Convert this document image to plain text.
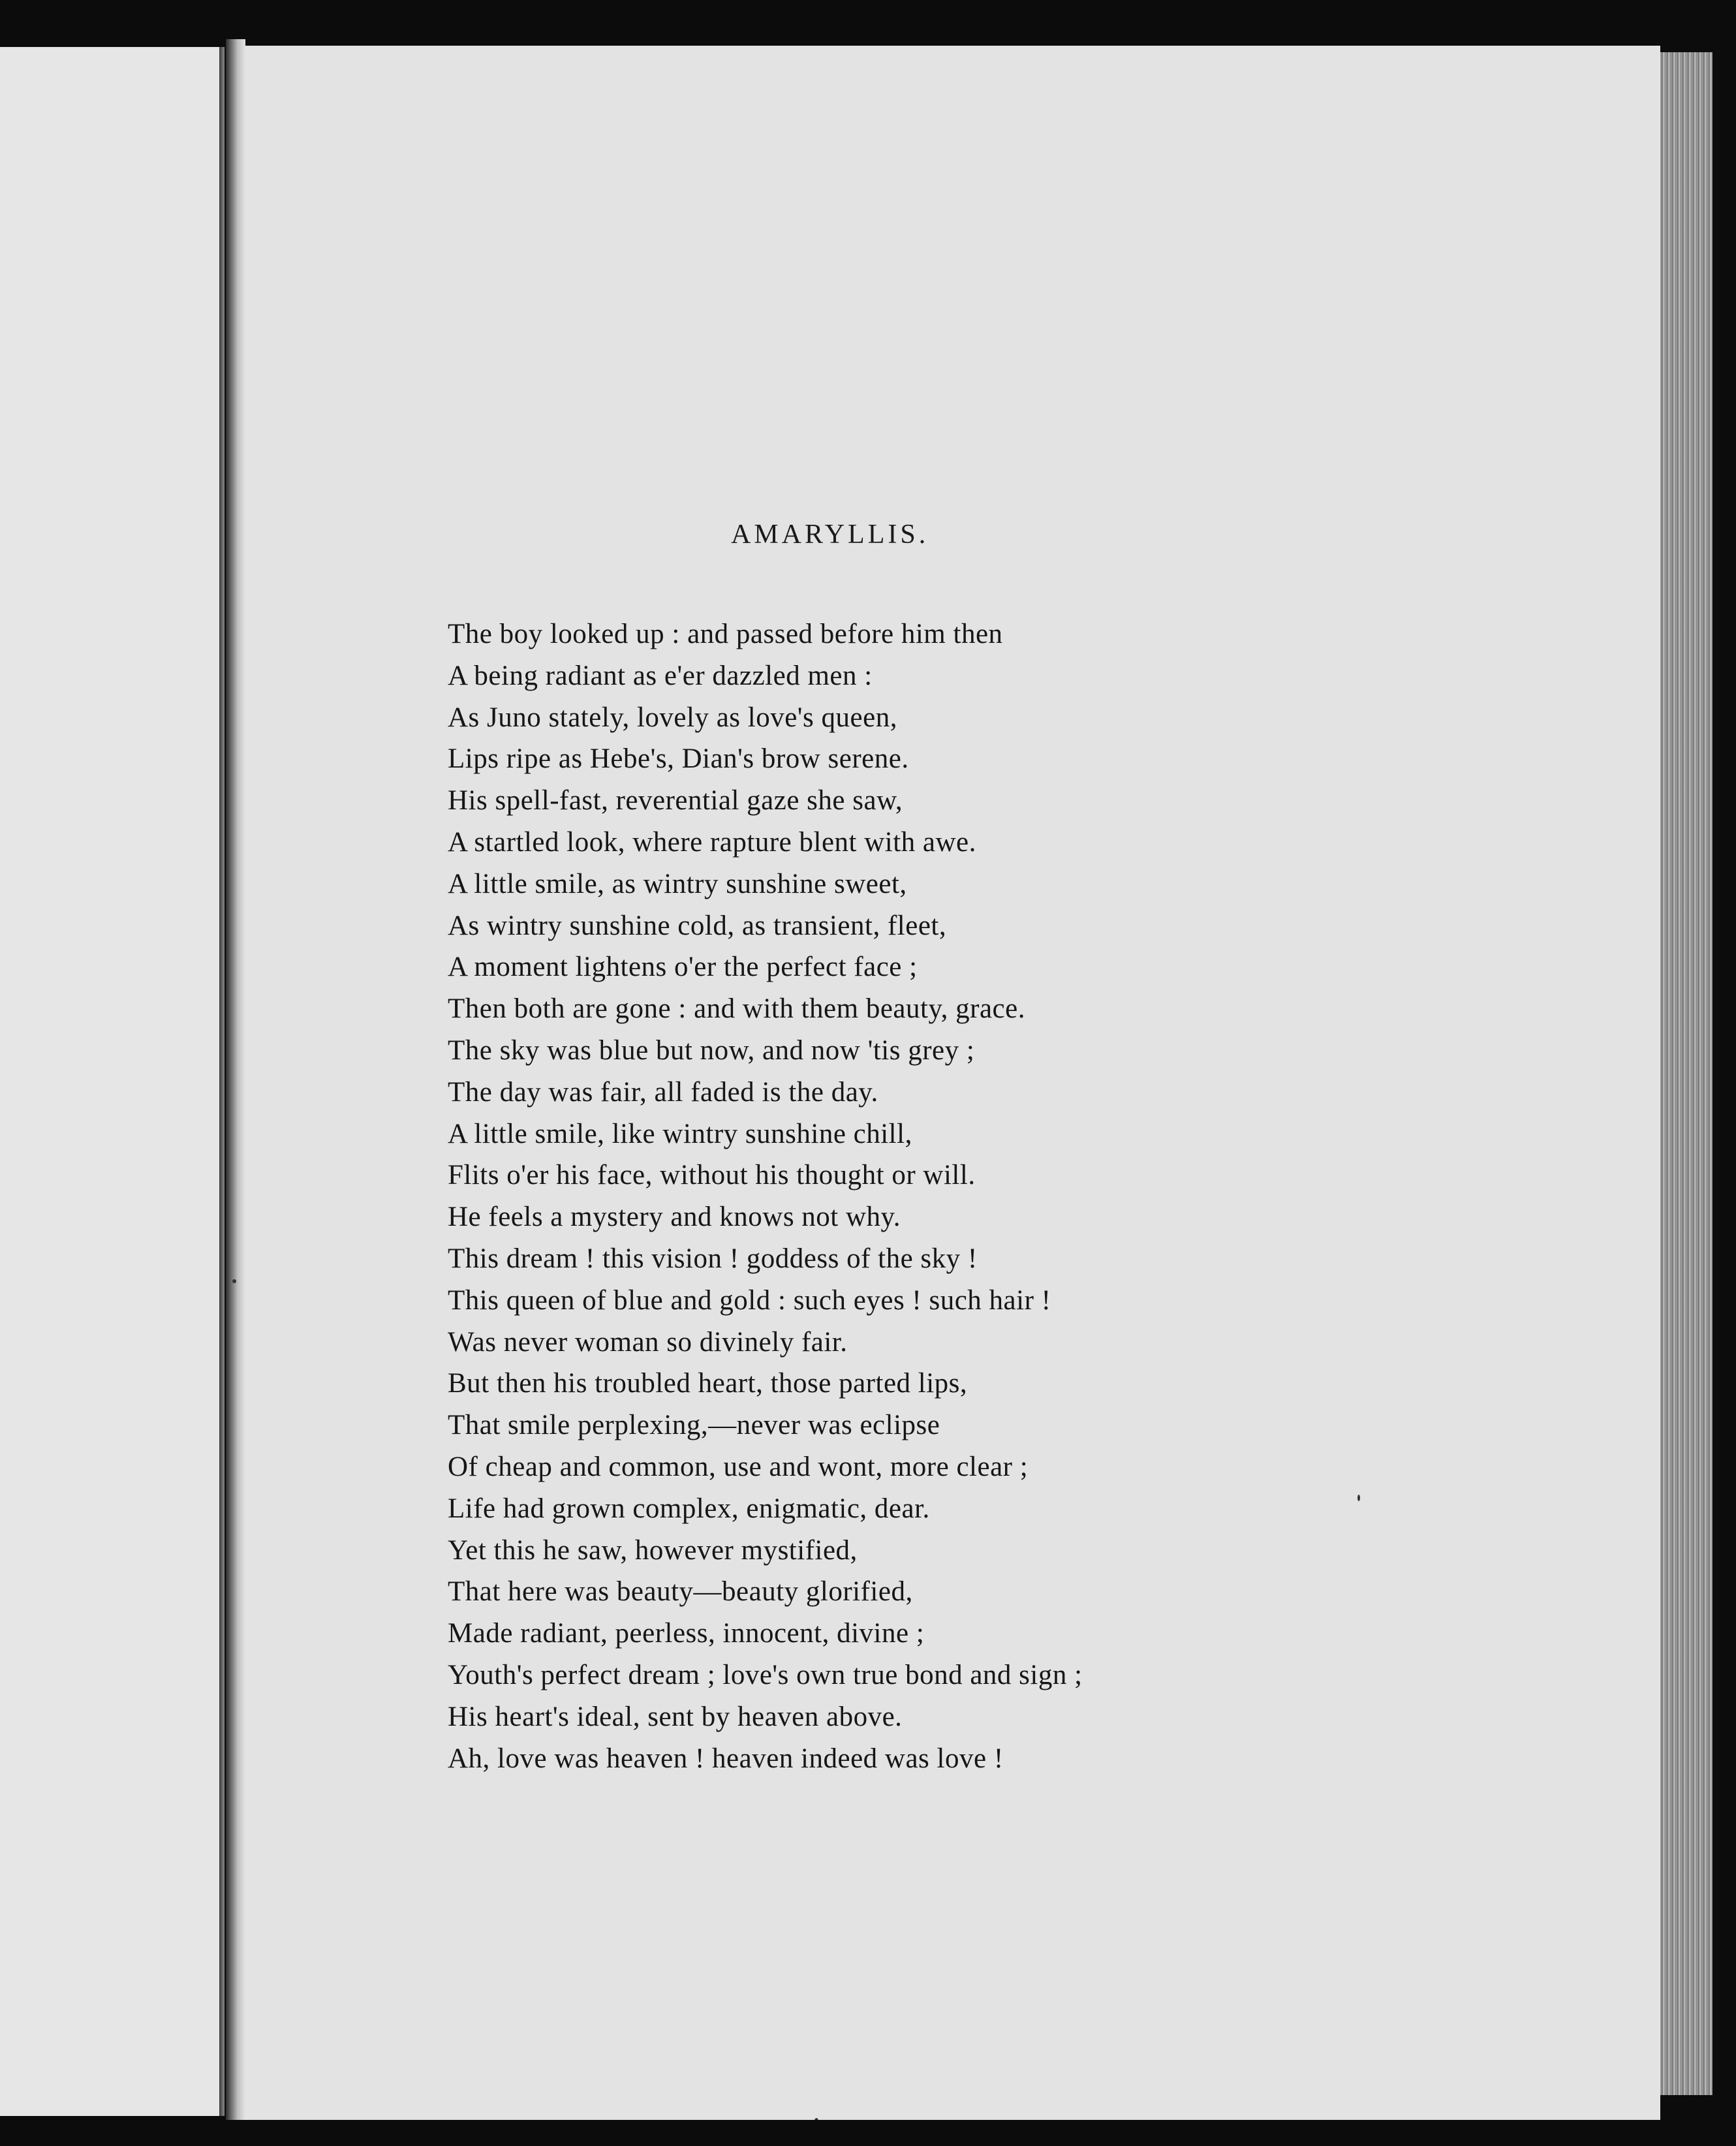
AMARYLLIS.
The boy looked up : and passed before him then
A being radiant as e'er dazzled men :
As Juno stately, lovely as love's queen,
Lips ripe as Hebe's, Dian's brow serene.
His spell-fast, reverential gaze she saw,
A startled look, where rapture blent with awe.
A little smile, as wintry sunshine sweet,
As wintry sunshine cold, as transient, fleet,
A moment lightens o'er the perfect face ;
Then both are gone : and with them beauty, grace.
The sky was blue but now, and now 'tis grey ;
The day was fair, all faded is the day.
A little smile, like wintry sunshine chill,
Flits o'er his face, without his thought or will.
He feels a mystery and knows not why.
This dream ! this vision ! goddess of the sky !
This queen of blue and gold : such eyes ! such hair !
Was never woman so divinely fair.
But then his troubled heart, those parted lips,
That smile perplexing,—never was eclipse
Of cheap and common, use and wont, more clear ;
Life had grown complex, enigmatic, dear.
Yet this he saw, however mystified,
That here was beauty—beauty glorified,
Made radiant, peerless, innocent, divine ;
Youth's perfect dream ; love's own true bond and sign ;
His heart's ideal, sent by heaven above.
Ah, love was heaven ! heaven indeed was love !
